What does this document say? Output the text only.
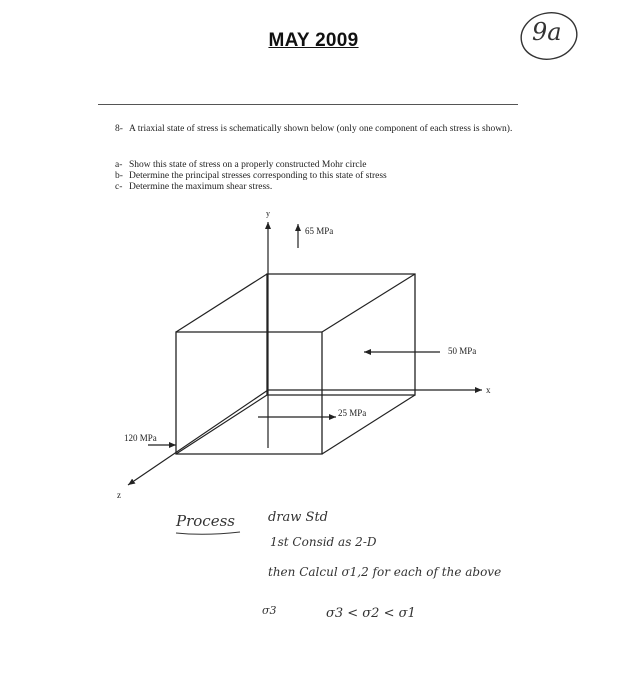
MAY 2009	9a
8- A triaxial state of stress is schematically shown below (only one component of each stress is shown).
a- Show this state of stress on a properly constructed Mohr circle
b- Determine the principal stresses corresponding to this state of stress
c- Determine the maximum shear stress.
y
x
z
65 MPa
50 MPa
25 MPa
120 MPa
Process	draw Std
1st Consid as 2-D
then Calcul σ1,2 for each of the above
σ3	σ3 < σ2 < σ1
